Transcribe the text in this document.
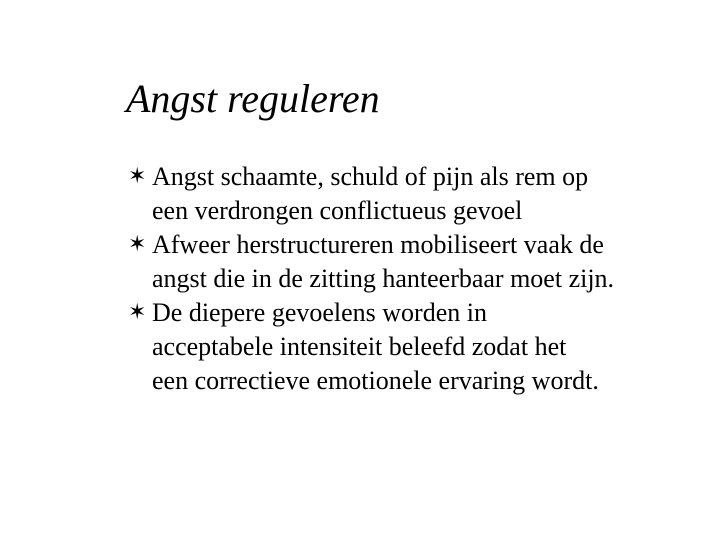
Angst reguleren
✶ Angst schaamte, schuld of pijn als rem op
een verdrongen conflictueus gevoel
✶ Afweer herstructureren mobiliseert vaak de
angst die in de zitting hanteerbaar moet zijn.
✶ De diepere gevoelens worden in
acceptabele intensiteit beleefd zodat het
een correctieve emotionele ervaring wordt.
